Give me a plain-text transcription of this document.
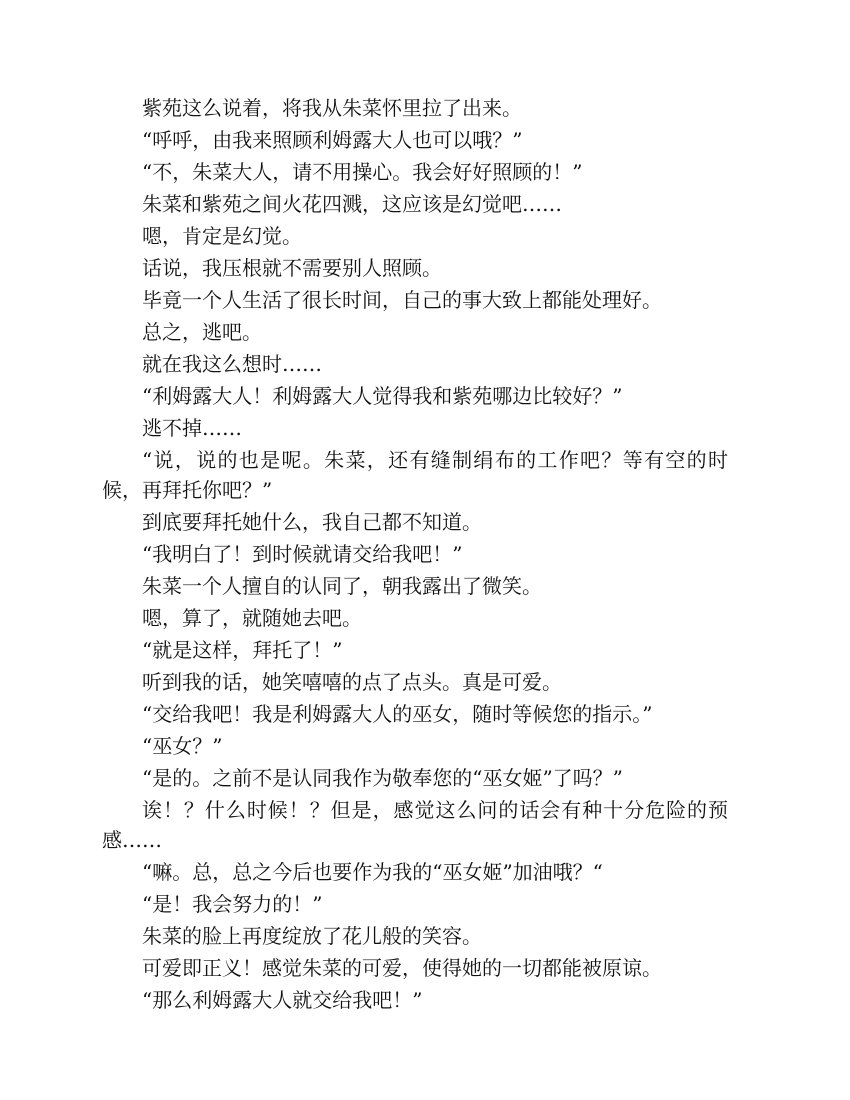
紫苑这么说着，将我从朱菜怀里拉了出来。

“呼呼，由我来照顾利姆露大人也可以哦？”

“不，朱菜大人，请不用操心。我会好好照顾的！”

朱菜和紫苑之间火花四溅，这应该是幻觉吧……

嗯，肯定是幻觉。

话说，我压根就不需要别人照顾。

毕竟一个人生活了很长时间，自己的事大致上都能处理好。

总之，逃吧。

就在我这么想时……

“利姆露大人！利姆露大人觉得我和紫苑哪边比较好？”

逃不掉……

“说，说的也是呢。朱菜，还有缝制绢布的工作吧？等有空的时候，再拜托你吧？”

到底要拜托她什么，我自己都不知道。

“我明白了！到时候就请交给我吧！”

朱菜一个人擅自的认同了，朝我露出了微笑。

嗯，算了，就随她去吧。

“就是这样，拜托了！”

听到我的话，她笑嘻嘻的点了点头。真是可爱。

“交给我吧！我是利姆露大人的巫女，随时等候您的指示。”

“巫女？”

“是的。之前不是认同我作为敬奉您的“巫女姬”了吗？”

诶！？什么时候！？但是，感觉这么问的话会有种十分危险的预感……

“嘛。总，总之今后也要作为我的“巫女姬”加油哦？“

“是！我会努力的！”

朱菜的脸上再度绽放了花儿般的笑容。

可爱即正义！感觉朱菜的可爱，使得她的一切都能被原谅。

“那么利姆露大人就交给我吧！”
